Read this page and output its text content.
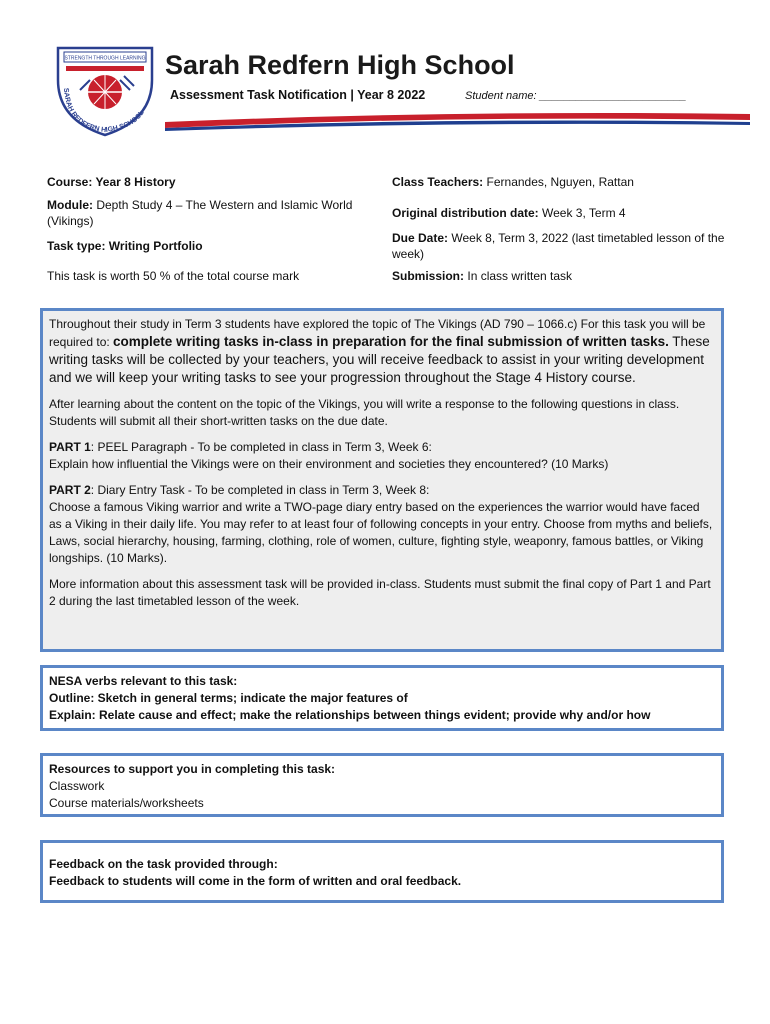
STRENGTH THROUGH LEARNING
SARAH REDFERN HIGH SCHOOL
Sarah Redfern High School
Assessment Task Notification | Year 8 2022	Student name: ________________________
Course: Year 8 History
Module: Depth Study 4 – The Western and Islamic World (Vikings)
Task type: Writing Portfolio
This task is worth 50 % of the total course mark
Class Teachers: Fernandes, Nguyen, Rattan
Original distribution date: Week 3, Term 4
Due Date: Week 8, Term 3, 2022 (last timetabled lesson of the week)
Submission: In class written task

Throughout their study in Term 3 students have explored the topic of The Vikings (AD 790 – 1066.c) For this task you will be required to: complete writing tasks in-class in preparation for the final submission of written tasks. These writing tasks will be collected by your teachers, you will receive feedback to assist in your writing development and we will keep your writing tasks to see your progression throughout the Stage 4 History course.

After learning about the content on the topic of the Vikings, you will write a response to the following questions in class. Students will submit all their short-written tasks on the due date.

PART 1: PEEL Paragraph - To be completed in class in Term 3, Week 6:

Explain how influential the Vikings were on their environment and societies they encountered? (10 Marks)

PART 2: Diary Entry Task - To be completed in class in Term 3, Week 8:

Choose a famous Viking warrior and write a TWO-page diary entry based on the experiences the warrior would have faced as a Viking in their daily life. You may refer to at least four of following concepts in your entry. Choose from myths and beliefs, Laws, social hierarchy, housing, farming, clothing, role of women, culture, fighting style, weaponry, famous battles, or Viking longships. (10 Marks).

More information about this assessment task will be provided in-class. Students must submit the final copy of Part 1 and Part 2 during the last timetabled lesson of the week.

NESA verbs relevant to this task:

Outline: Sketch in general terms; indicate the major features of

Explain: Relate cause and effect; make the relationships between things evident; provide why and/or how

Resources to support you in completing this task:

Classwork

Course materials/worksheets

Feedback on the task provided through:

Feedback to students will come in the form of written and oral feedback.
